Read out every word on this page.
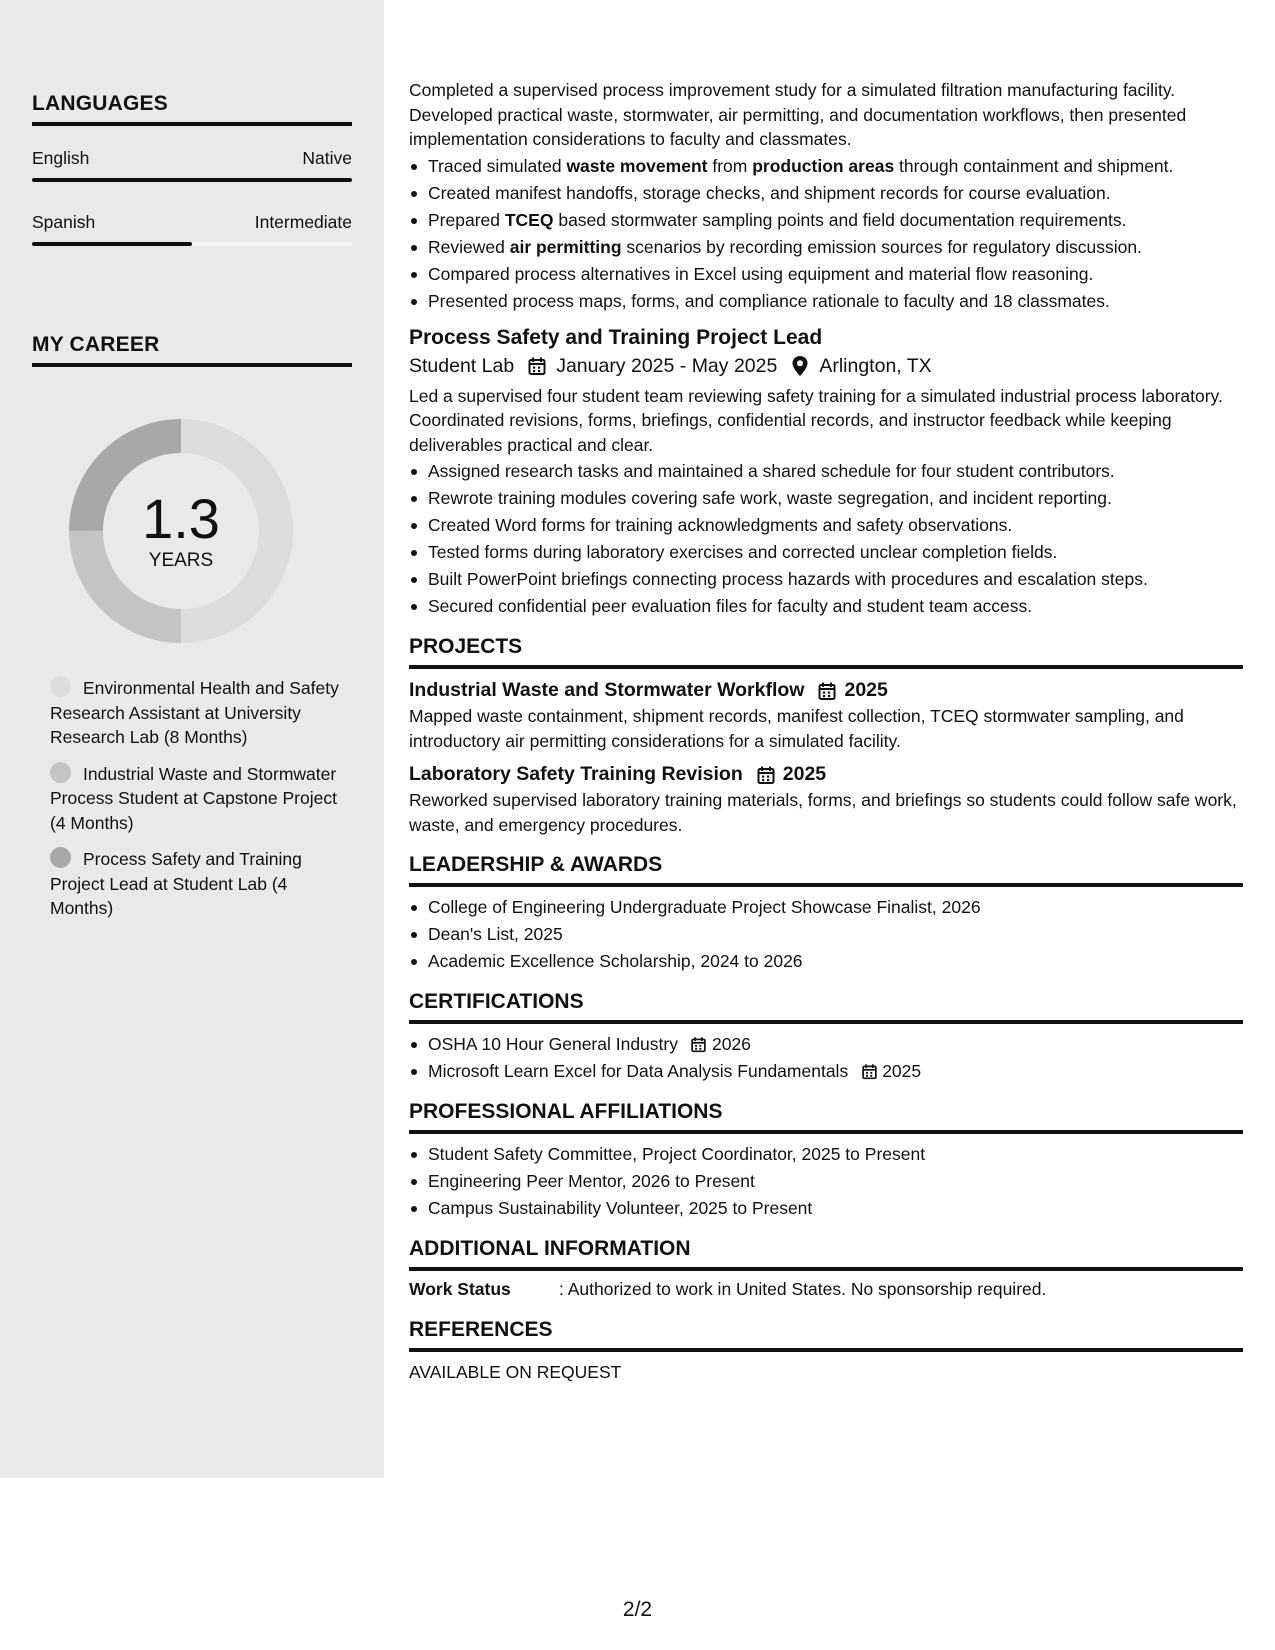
LANGUAGES
English	Native
Spanish	Intermediate
MY CAREER
1.3
YEARS
Environmental Health and Safety Research Assistant at University Research Lab (8 Months)
Industrial Waste and Stormwater Process Student at Capstone Project (4 Months)
Process Safety and Training Project Lead at Student Lab (4 Months)
Completed a supervised process improvement study for a simulated filtration manufacturing facility. Developed practical waste, stormwater, air permitting, and documentation workflows, then presented implementation considerations to faculty and classmates.
Traced simulated waste movement from production areas through containment and shipment.
Created manifest handoffs, storage checks, and shipment records for course evaluation.
Prepared TCEQ based stormwater sampling points and field documentation requirements.
Reviewed air permitting scenarios by recording emission sources for regulatory discussion.
Compared process alternatives in Excel using equipment and material flow reasoning.
Presented process maps, forms, and compliance rationale to faculty and 18 classmates.
Process Safety and Training Project Lead
Student Lab January 2025 - May 2025 Arlington, TX
Led a supervised four student team reviewing safety training for a simulated industrial process laboratory. Coordinated revisions, forms, briefings, confidential records, and instructor feedback while keeping deliverables practical and clear.
Assigned research tasks and maintained a shared schedule for four student contributors.
Rewrote training modules covering safe work, waste segregation, and incident reporting.
Created Word forms for training acknowledgments and safety observations.
Tested forms during laboratory exercises and corrected unclear completion fields.
Built PowerPoint briefings connecting process hazards with procedures and escalation steps.
Secured confidential peer evaluation files for faculty and student team access.
PROJECTS
Industrial Waste and Stormwater Workflow 2025
Mapped waste containment, shipment records, manifest collection, TCEQ stormwater sampling, and introductory air permitting considerations for a simulated facility.
Laboratory Safety Training Revision 2025
Reworked supervised laboratory training materials, forms, and briefings so students could follow safe work, waste, and emergency procedures.
LEADERSHIP & AWARDS
College of Engineering Undergraduate Project Showcase Finalist, 2026
Dean's List, 2025
Academic Excellence Scholarship, 2024 to 2026
CERTIFICATIONS
OSHA 10 Hour General Industry 2026
Microsoft Learn Excel for Data Analysis Fundamentals 2025
PROFESSIONAL AFFILIATIONS
Student Safety Committee, Project Coordinator, 2025 to Present
Engineering Peer Mentor, 2026 to Present
Campus Sustainability Volunteer, 2025 to Present
ADDITIONAL INFORMATION
Work Status	: Authorized to work in United States. No sponsorship required.
REFERENCES
AVAILABLE ON REQUEST
2/2
